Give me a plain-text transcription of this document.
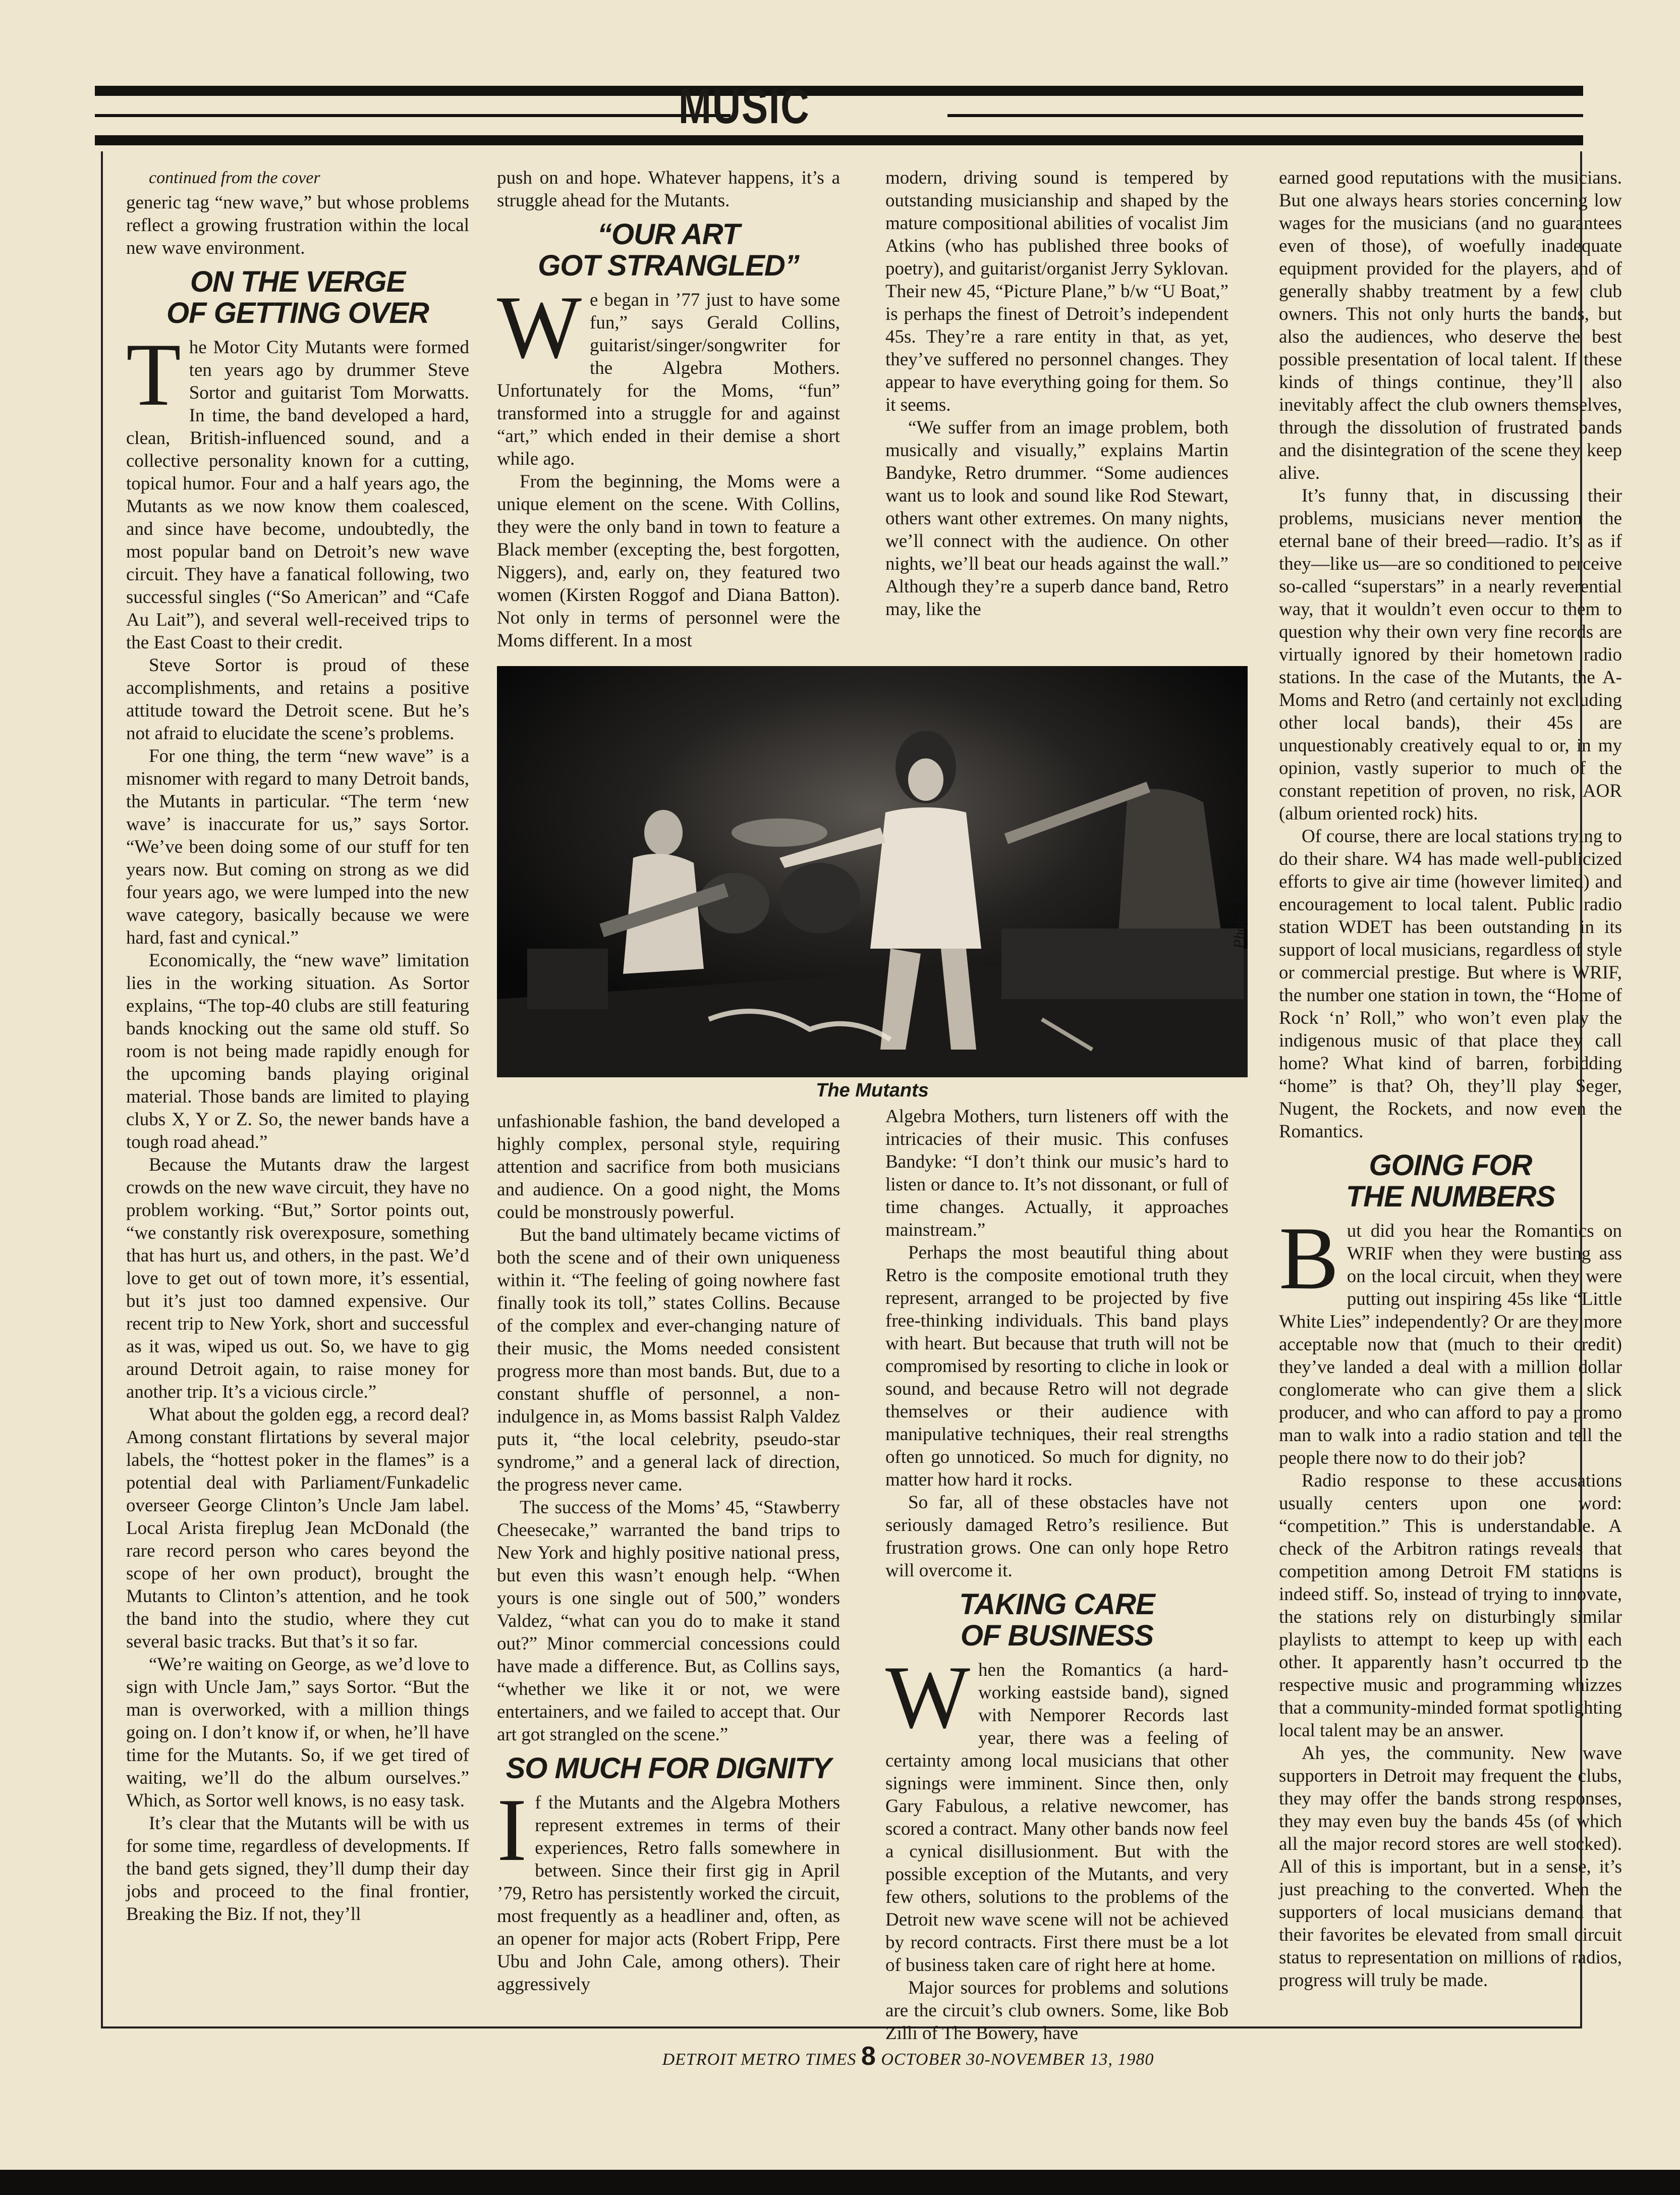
MUSIC
continued from the cover

generic tag “new wave,” but whose problems reflect a growing frustration within the local new wave environment.

ON THE VERGE
OF GETTING OVER

The Motor City Mutants were formed ten years ago by drummer Steve Sortor and guitarist Tom Morwatts. In time, the band developed a hard, clean, British-influenced sound, and a collective personality known for a cutting, topical humor. Four and a half years ago, the Mutants as we now know them coalesced, and since have become, undoubtedly, the most popular band on Detroit’s new wave circuit. They have a fanatical following, two successful singles (“So American” and “Cafe Au Lait”), and several well-received trips to the East Coast to their credit.

Steve Sortor is proud of these accomplishments, and retains a positive attitude toward the Detroit scene. But he’s not afraid to elucidate the scene’s problems.

For one thing, the term “new wave” is a misnomer with regard to many Detroit bands, the Mutants in particular. “The term ‘new wave’ is inaccurate for us,” says Sortor. “We’ve been doing some of our stuff for ten years now. But coming on strong as we did four years ago, we were lumped into the new wave category, basically because we were hard, fast and cynical.”

Economically, the “new wave” limitation lies in the working situation. As Sortor explains, “The top-40 clubs are still featuring bands knocking out the same old stuff. So room is not being made rapidly enough for the upcoming bands playing original material. Those bands are limited to playing clubs X, Y or Z. So, the newer bands have a tough road ahead.”

Because the Mutants draw the largest crowds on the new wave circuit, they have no problem working. “But,” Sortor points out, “we constantly risk overexposure, something that has hurt us, and others, in the past. We’d love to get out of town more, it’s essential, but it’s just too damned expensive. Our recent trip to New York, short and successful as it was, wiped us out. So, we have to gig around Detroit again, to raise money for another trip. It’s a vicious circle.”

What about the golden egg, a record deal? Among constant flirtations by several major labels, the “hottest poker in the flames” is a potential deal with Parliament/Funkadelic overseer George Clinton’s Uncle Jam label. Local Arista fireplug Jean McDonald (the rare record person who cares beyond the scope of her own product), brought the Mutants to Clinton’s attention, and he took the band into the studio, where they cut several basic tracks. But that’s it so far.

“We’re waiting on George, as we’d love to sign with Uncle Jam,” says Sortor. “But the man is overworked, with a million things going on. I don’t know if, or when, he’ll have time for the Mutants. So, if we get tired of waiting, we’ll do the album ourselves.” Which, as Sortor well knows, is no easy task.

It’s clear that the Mutants will be with us for some time, regardless of developments. If the band gets signed, they’ll dump their day jobs and proceed to the final frontier, Breaking the Biz. If not, they’ll

push on and hope. Whatever happens, it’s a struggle ahead for the Mutants.

“OUR ART
GOT STRANGLED”

We began in ’77 just to have some fun,” says Gerald Collins, guitarist/singer/songwriter for the Algebra Mothers. Unfortunately for the Moms, “fun” transformed into a struggle for and against “art,” which ended in their demise a short while ago.

From the beginning, the Moms were a unique element on the scene. With Collins, they were the only band in town to feature a Black member (excepting the, best forgotten, Niggers), and, early on, they featured two women (Kirsten Roggof and Diana Batton). Not only in terms of personnel were the Moms different. In a most

modern, driving sound is tempered by outstanding musicianship and shaped by the mature compositional abilities of vocalist Jim Atkins (who has published three books of poetry), and guitarist/organist Jerry Syklovan. Their new 45, “Picture Plane,” b/w “U Boat,” is perhaps the finest of Detroit’s independent 45s. They’re a rare entity in that, as yet, they’ve suffered no personnel changes. They appear to have everything going for them. So it seems.

“We suffer from an image problem, both musically and visually,” explains Martin Bandyke, Retro drummer. “Some audiences want us to look and sound like Rod Stewart, others want other extremes. On many nights, we’ll connect with the audience. On other nights, we’ll beat our heads against the wall.” Although they’re a superb dance band, Retro may, like the

Photo: Eric Smith
The Mutants

unfashionable fashion, the band developed a highly complex, personal style, requiring attention and sacrifice from both musicians and audience. On a good night, the Moms could be monstrously powerful.

But the band ultimately became victims of both the scene and of their own uniqueness within it. “The feeling of going nowhere fast finally took its toll,” states Collins. Because of the complex and ever-changing nature of their music, the Moms needed consistent progress more than most bands. But, due to a constant shuffle of personnel, a non-indulgence in, as Moms bassist Ralph Valdez puts it, “the local celebrity, pseudo-star syndrome,” and a general lack of direction, the progress never came.

The success of the Moms’ 45, “Stawberry Cheesecake,” warranted the band trips to New York and highly positive national press, but even this wasn’t enough help. “When yours is one single out of 500,” wonders Valdez, “what can you do to make it stand out?” Minor commercial concessions could have made a difference. But, as Collins says, “whether we like it or not, we were entertainers, and we failed to accept that. Our art got strangled on the scene.”

SO MUCH FOR DIGNITY

If the Mutants and the Algebra Mothers represent extremes in terms of their experiences, Retro falls somewhere in between. Since their first gig in April ’79, Retro has persistently worked the circuit, most frequently as a headliner and, often, as an opener for major acts (Robert Fripp, Pere Ubu and John Cale, among others). Their aggressively

Algebra Mothers, turn listeners off with the intricacies of their music. This confuses Bandyke: “I don’t think our music’s hard to listen or dance to. It’s not dissonant, or full of time changes. Actually, it approaches mainstream.”

Perhaps the most beautiful thing about Retro is the composite emotional truth they represent, arranged to be projected by five free-thinking individuals. This band plays with heart. But because that truth will not be compromised by resorting to cliche in look or sound, and because Retro will not degrade themselves or their audience with manipulative techniques, their real strengths often go unnoticed. So much for dignity, no matter how hard it rocks.

So far, all of these obstacles have not seriously damaged Retro’s resilience. But frustration grows. One can only hope Retro will overcome it.

TAKING CARE
OF BUSINESS

When the Romantics (a hard-working eastside band), signed with Nemporer Records last year, there was a feeling of certainty among local musicians that other signings were imminent. Since then, only Gary Fabulous, a relative newcomer, has scored a contract. Many other bands now feel a cynical disillusionment. But with the possible exception of the Mutants, and very few others, solutions to the problems of the Detroit new wave scene will not be achieved by record contracts. First there must be a lot of business taken care of right here at home.

Major sources for problems and solutions are the circuit’s club owners. Some, like Bob Zilli of The Bowery, have

earned good reputations with the musicians. But one always hears stories concerning low wages for the musicians (and no guarantees even of those), of woefully inadequate equipment provided for the players, and of generally shabby treatment by a few club owners. This not only hurts the bands, but also the audiences, who deserve the best possible presentation of local talent. If these kinds of things continue, they’ll also inevitably affect the club owners themselves, through the dissolution of frustrated bands and the disintegration of the scene they keep alive.

It’s funny that, in discussing their problems, musicians never mention the eternal bane of their breed—radio. It’s as if they—like us—are so conditioned to perceive so-called “superstars” in a nearly reverential way, that it wouldn’t even occur to them to question why their own very fine records are virtually ignored by their hometown radio stations. In the case of the Mutants, the A-Moms and Retro (and certainly not excluding other local bands), their 45s are unquestionably creatively equal to or, in my opinion, vastly superior to much of the constant repetition of proven, no risk, AOR (album oriented rock) hits.

Of course, there are local stations trying to do their share. W4 has made well-publicized efforts to give air time (however limited) and encouragement to local talent. Public radio station WDET has been outstanding in its support of local musicians, regardless of style or commercial prestige. But where is WRIF, the number one station in town, the “Home of Rock ‘n’ Roll,” who won’t even play the indigenous music of that place they call home? What kind of barren, forbidding “home” is that? Oh, they’ll play Seger, Nugent, the Rockets, and now even the Romantics.

GOING FOR
THE NUMBERS

But did you hear the Romantics on WRIF when they were busting ass on the local circuit, when they were putting out inspiring 45s like “Little White Lies” independently? Or are they more acceptable now that (much to their credit) they’ve landed a deal with a million dollar conglomerate who can give them a slick producer, and who can afford to pay a promo man to walk into a radio station and tell the people there now to do their job?

Radio response to these accusations usually centers upon one word: “competition.” This is understandable. A check of the Arbitron ratings reveals that competition among Detroit FM stations is indeed stiff. So, instead of trying to innovate, the stations rely on disturbingly similar playlists to attempt to keep up with each other. It apparently hasn’t occurred to the respective music and programming whizzes that a community-minded format spotlighting local talent may be an answer.

Ah yes, the community. New wave supporters in Detroit may frequent the clubs, they may offer the bands strong responses, they may even buy the bands 45s (of which all the major record stores are well stocked). All of this is important, but in a sense, it’s just preaching to the converted. When the supporters of local musicians demand that their favorites be elevated from small circuit status to representation on millions of radios, progress will truly be made.

DETROIT METRO TIMES 8 OCTOBER 30-NOVEMBER 13, 1980
